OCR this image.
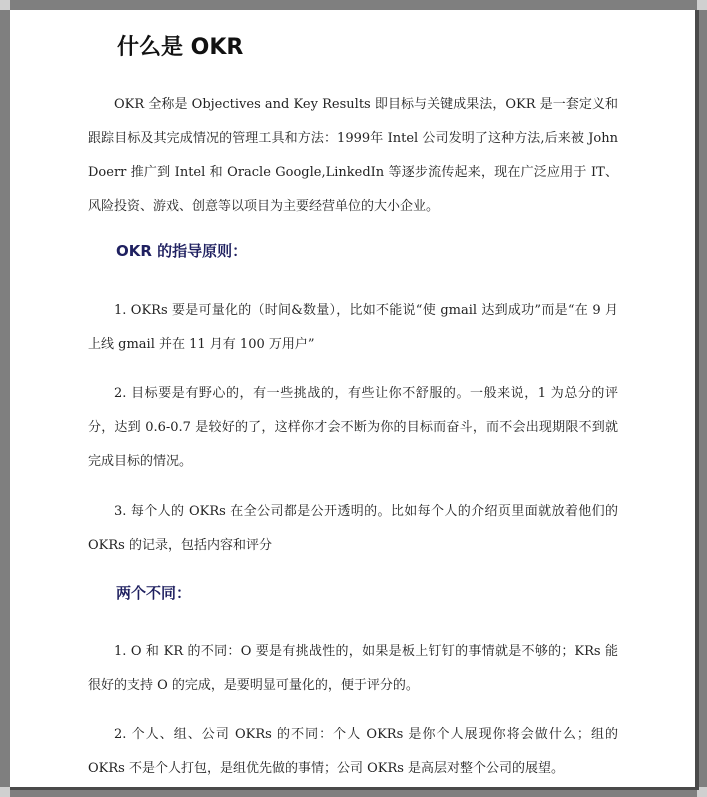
什么是 OKR

OKR 全称是 Objectives and Key Results 即目标与关键成果法，OKR 是一套定义和跟踪目标及其完成情况的管理工具和方法：1999年 Intel 公司发明了这种方法,后来被 John Doerr 推广到 Intel 和 Oracle Google,LinkedIn 等逐步流传起来，现在广泛应用于 IT、风险投资、游戏、创意等以项目为主要经营单位的大小企业。

OKR 的指导原则：

1. OKRs 要是可量化的（时间&数量），比如不能说“使 gmail 达到成功”而是“在 9 月上线 gmail 并在 11 月有 100 万用户”

2. 目标要是有野心的，有一些挑战的，有些让你不舒服的。一般来说，1 为总分的评分，达到 0.6-0.7 是较好的了，这样你才会不断为你的目标而奋斗，而不会出现期限不到就完成目标的情况。

3. 每个人的 OKRs 在全公司都是公开透明的。比如每个人的介绍页里面就放着他们的 OKRs 的记录，包括内容和评分

两个不同：

1. O 和 KR 的不同：O 要是有挑战性的，如果是板上钉钉的事情就是不够的；KRs 能很好的支持 O 的完成，是要明显可量化的，便于评分的。

2. 个人、组、公司 OKRs 的不同：个人 OKRs 是你个人展现你将会做什么；组的 OKRs 不是个人打包，是组优先做的事情；公司 OKRs 是高层对整个公司的展望。
